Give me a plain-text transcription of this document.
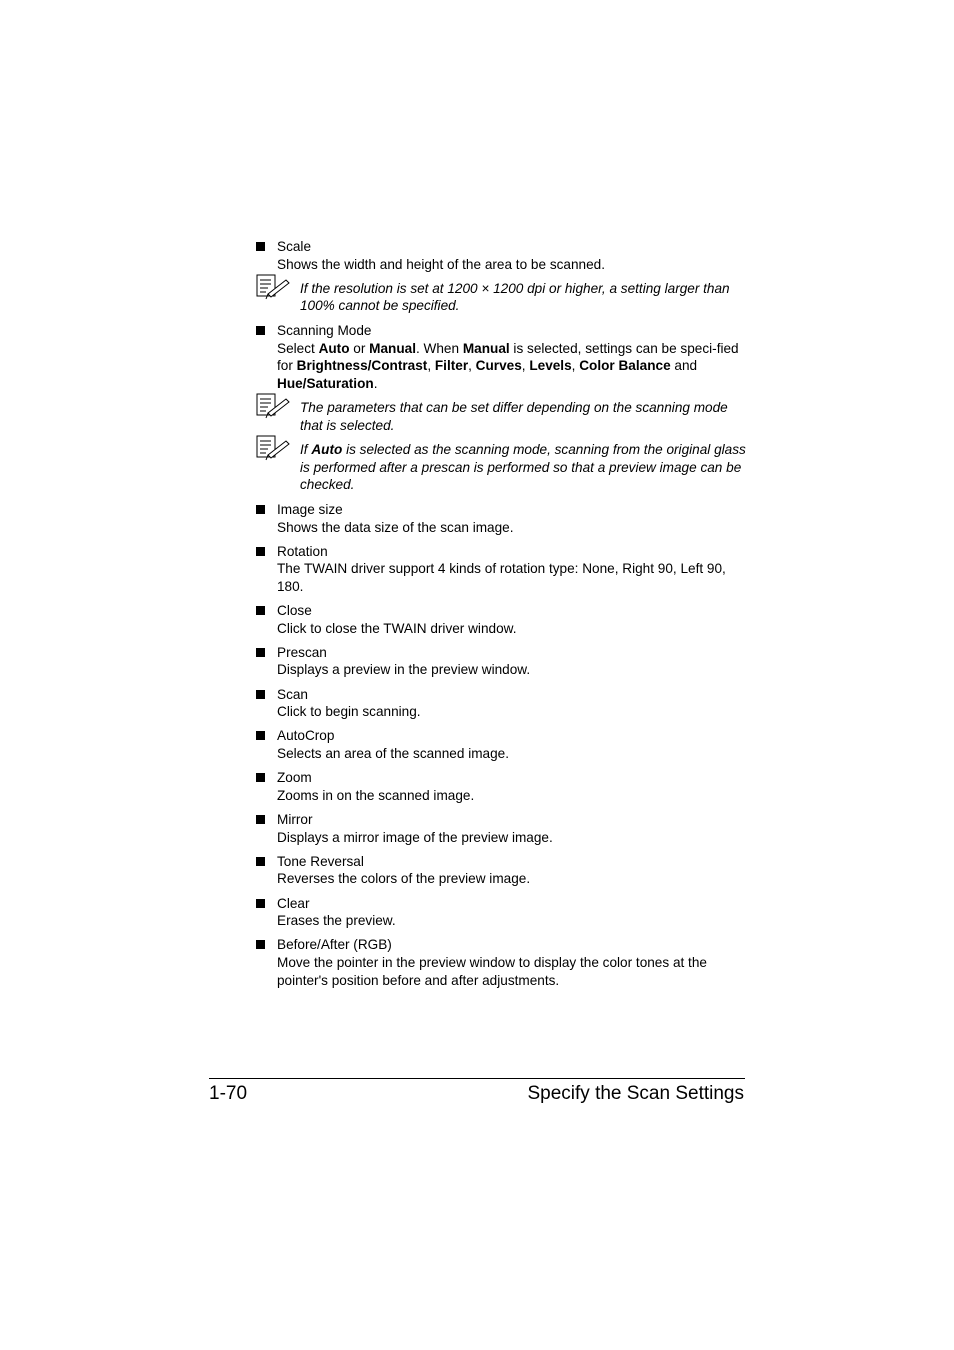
Scale
Shows the width and height of the area to be scanned.
If the resolution is set at 1200 × 1200 dpi or higher, a setting larger than 100% cannot be specified.
Scanning Mode
Select Auto or Manual. When Manual is selected, settings can be speci-fied for Brightness/Contrast, Filter, Curves, Levels, Color Balance and Hue/Saturation.
The parameters that can be set differ depending on the scanning mode that is selected.
If Auto is selected as the scanning mode, scanning from the original glass is performed after a prescan is performed so that a preview image can be checked.
Image size
Shows the data size of the scan image.
Rotation
The TWAIN driver support 4 kinds of rotation type: None, Right 90, Left 90, 180.
Close
Click to close the TWAIN driver window.
Prescan
Displays a preview in the preview window.
Scan
Click to begin scanning.
AutoCrop
Selects an area of the scanned image.
Zoom
Zooms in on the scanned image.
Mirror
Displays a mirror image of the preview image.
Tone Reversal
Reverses the colors of the preview image.
Clear
Erases the preview.
Before/After (RGB)
Move the pointer in the preview window to display the color tones at the pointer's position before and after adjustments.
1-70	Specify the Scan Settings
